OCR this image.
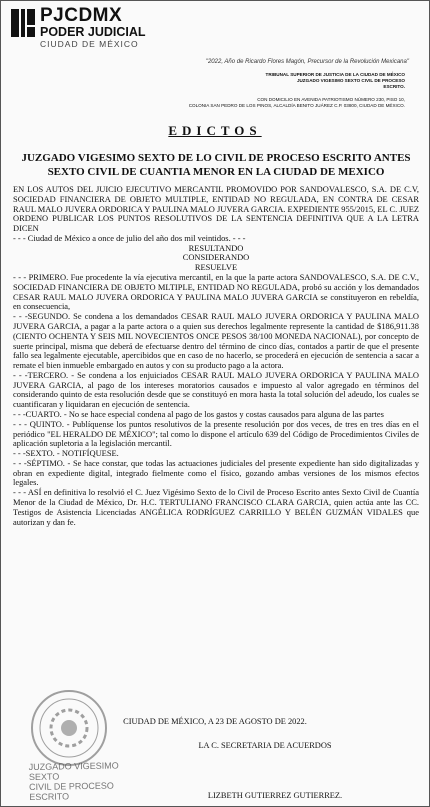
PJCDMX
PODER JUDICIAL
CIUDAD DE MÉXICO
"2022, Año de Ricardo Flores Magón, Precursor de la Revolución Mexicana"
TRIBUNAL SUPERIOR DE JUSTICIA DE LA CIUDAD DE MÉXICO
JUZGADO VIGESIMO SEXTO CIVIL DE PROCESO
ESCRITO.
CON DOMICILIO EN AVENIDA PATRIOTISMO NÚMERO 230, PISO 10,
COLONIA SAN PEDRO DE LOS PINOS, ALCALDÍA BENITO JUÁREZ C.P. 03800, CIUDAD DE MÉXICO.
EDICTOS
JUZGADO VIGESIMO SEXTO DE LO CIVIL DE PROCESO ESCRITO ANTES SEXTO CIVIL DE CUANTIA MENOR EN LA CIUDAD DE MEXICO

EN LOS AUTOS DEL JUICIO EJECUTIVO MERCANTIL PROMOVIDO POR SANDOVALESCO, S.A. DE C.V, SOCIEDAD FINANCIERA DE OBJETO MULTIPLE, ENTIDAD NO REGULADA, EN CONTRA DE CESAR RAUL MALO JUVERA ORDORICA Y PAULINA MALO JUVERA GARCIA. EXPEDIENTE 955/2015, EL C. JUEZ ORDENO PUBLICAR LOS PUNTOS RESOLUTIVOS DE LA SENTENCIA DEFINITIVA QUE A LA LETRA DICEN

- - - Ciudad de México a once de julio del año dos mil veintidos. - - -

RESULTANDO

CONSIDERANDO

RESUELVE

- - - PRIMERO. Fue procedente la vía ejecutiva mercantil, en la que la parte actora SANDOVALESCO, S.A. DE C.V., SOCIEDAD FINANCIERA DE OBJETO MLTIPLE, ENTIDAD NO REGULADA, probó su acción y los demandados CESAR RAUL MALO JUVERA ORDORICA Y PAULINA MALO JUVERA GARCIA se constituyeron en rebeldía, en consecuencia,

- - -SEGUNDO. Se condena a los demandados CESAR RAUL MALO JUVERA ORDORICA Y PAULINA MALO JUVERA GARCIA, a pagar a la parte actora o a quien sus derechos legalmente represente la cantidad de $186,911.38 (CIENTO OCHENTA Y SEIS MIL NOVECIENTOS ONCE PESOS 38/100 MONEDA NACIONAL), por concepto de suerte principal, misma que deberá de efectuarse dentro del término de cinco días, contados a partir de que el presente fallo sea legalmente ejecutable, apercibidos que en caso de no hacerlo, se procederá en ejecución de sentencia a sacar a remate el bien inmueble embargado en autos y con su producto pago a la actora.

- - -TERCERO. - Se condena a los enjuiciados CESAR RAUL MALO JUVERA ORDORICA Y PAULINA MALO JUVERA GARCIA, al pago de los intereses moratorios causados e impuesto al valor agregado en términos del considerando quinto de esta resolución desde que se constituyó en mora hasta la total solución del adeudo, los cuales se cuantificaran y liquidaran en ejecución de sentencia.

- - -CUARTO. - No se hace especial condena al pago de los gastos y costas causados para alguna de las partes

- - - QUINTO. - Publíquense los puntos resolutivos de la presente resolución por dos veces, de tres en tres días en el periódico "EL HERALDO DE MÉXICO"; tal como lo dispone el artículo 639 del Código de Procedimientos Civiles de aplicación supletoria a la legislación mercantil.

- - -SEXTO. - NOTIFÍQUESE.

- - -SÉPTIMO. - Se hace constar, que todas las actuaciones judiciales del presente expediente han sido digitalizadas y obran en expediente digital, integrado fielmente como el físico, gozando ambas versiones de los mismos efectos legales.

- - - ASÍ en definitiva lo resolvió el C. Juez Vigésimo Sexto de lo Civil de Proceso Escrito antes Sexto Civil de Cuantía Menor de la Ciudad de México, Dr. H.C. TERTULIANO FRANCISCO CLARA GARCIA, quien actúa ante las CC. Testigos de Asistencia Licenciadas ANGÉLICA RODRÍGUEZ CARRILLO Y BELÉN GUZMÁN VIDALES que autorizan y dan fe.

CIUDAD DE MÉXICO, A 23 DE AGOSTO DE 2022.
LA C. SECRETARIA DE ACUERDOS
LIZBETH GUTIERREZ GUTIERREZ.
JUZGADO VIGESIMO SEXTO
CIVIL DE PROCESO ESCRITO
